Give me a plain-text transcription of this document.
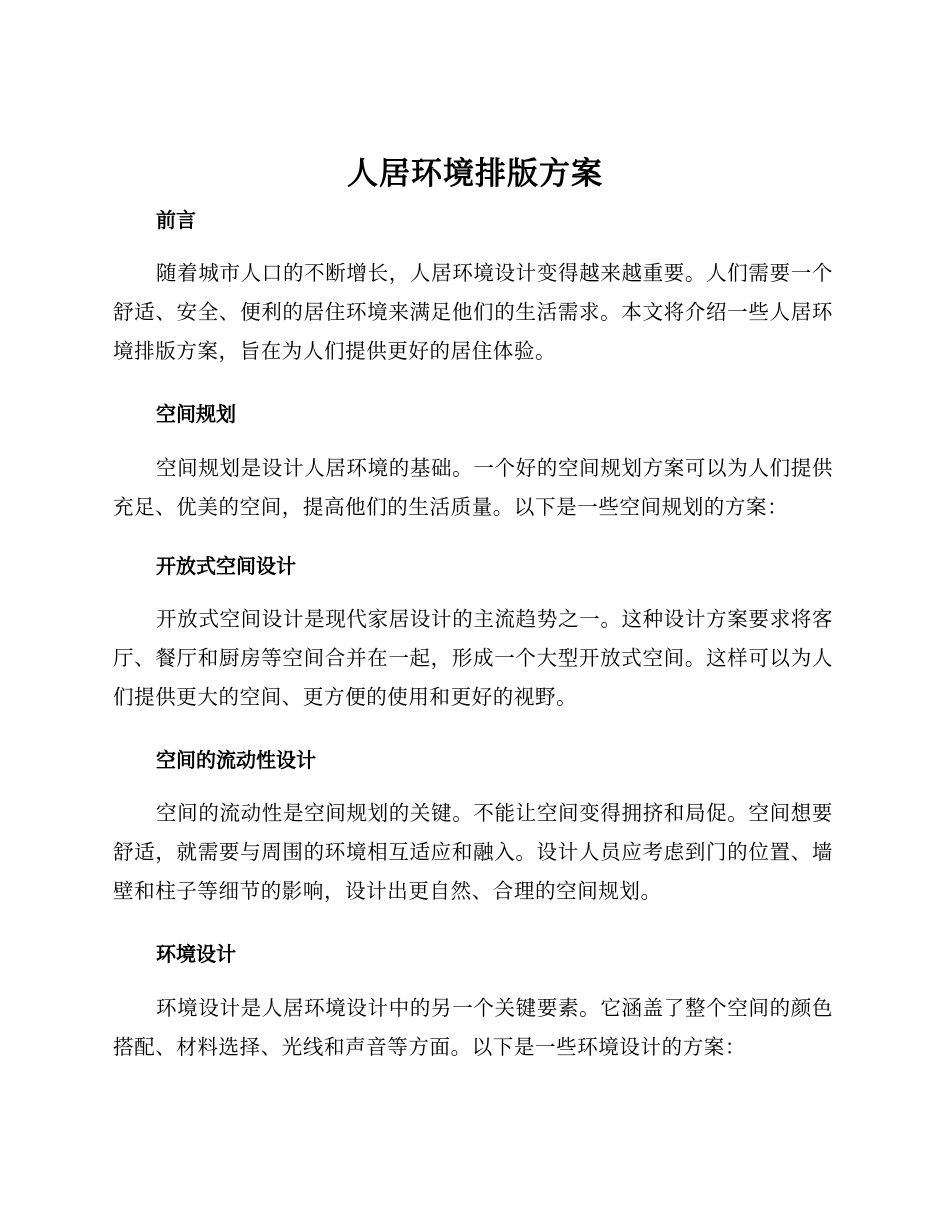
人居环境排版方案
前言

随着城市人口的不断增长，人居环境设计变得越来越重要。人们需要一个舒适、安全、便利的居住环境来满足他们的生活需求。本文将介绍一些人居环境排版方案，旨在为人们提供更好的居住体验。

空间规划

空间规划是设计人居环境的基础。一个好的空间规划方案可以为人们提供充足、优美的空间，提高他们的生活质量。以下是一些空间规划的方案：

开放式空间设计

开放式空间设计是现代家居设计的主流趋势之一。这种设计方案要求将客厅、餐厅和厨房等空间合并在一起，形成一个大型开放式空间。这样可以为人们提供更大的空间、更方便的使用和更好的视野。

空间的流动性设计

空间的流动性是空间规划的关键。不能让空间变得拥挤和局促。空间想要舒适，就需要与周围的环境相互适应和融入。设计人员应考虑到门的位置、墙壁和柱子等细节的影响，设计出更自然、合理的空间规划。

环境设计

环境设计是人居环境设计中的另一个关键要素。它涵盖了整个空间的颜色搭配、材料选择、光线和声音等方面。以下是一些环境设计的方案：
